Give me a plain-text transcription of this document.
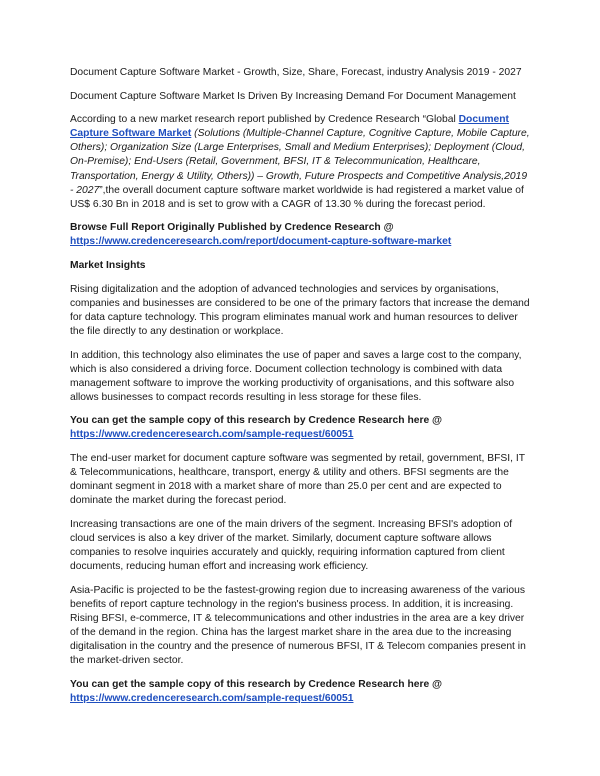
Document Capture Software Market - Growth, Size, Share, Forecast, industry Analysis 2019 - 2027

Document Capture Software Market Is Driven By Increasing Demand For Document Management

According to a new market research report published by Credence Research “Global Document Capture Software Market (Solutions (Multiple-Channel Capture, Cognitive Capture, Mobile Capture, Others); Organization Size (Large Enterprises, Small and Medium Enterprises); Deployment (Cloud, On-Premise); End-Users (Retail, Government, BFSI, IT & Telecommunication, Healthcare, Transportation, Energy & Utility, Others)) – Growth, Future Prospects and Competitive Analysis,2019 - 2027”,the overall document capture software market worldwide is had registered a market value of US$ 6.30 Bn in 2018 and is set to grow with a CAGR of 13.30 % during the forecast period.

Browse Full Report Originally Published by Credence Research @
https://www.credenceresearch.com/report/document-capture-software-market

Market Insights

Rising digitalization and the adoption of advanced technologies and services by organisations, companies and businesses are considered to be one of the primary factors that increase the demand for data capture technology. This program eliminates manual work and human resources to deliver the file directly to any destination or workplace.

In addition, this technology also eliminates the use of paper and saves a large cost to the company, which is also considered a driving force. Document collection technology is combined with data management software to improve the working productivity of organisations, and this software also allows businesses to compact records resulting in less storage for these files.

You can get the sample copy of this research by Credence Research here @
https://www.credenceresearch.com/sample-request/60051

The end-user market for document capture software was segmented by retail, government, BFSI, IT & Telecommunications, healthcare, transport, energy & utility and others. BFSI segments are the dominant segment in 2018 with a market share of more than 25.0 per cent and are expected to dominate the market during the forecast period.

Increasing transactions are one of the main drivers of the segment. Increasing BFSI's adoption of cloud services is also a key driver of the market. Similarly, document capture software allows companies to resolve inquiries accurately and quickly, requiring information captured from client documents, reducing human effort and increasing work efficiency.

Asia-Pacific is projected to be the fastest-growing region due to increasing awareness of the various benefits of report capture technology in the region's business process. In addition, it is increasing. Rising BFSI, e-commerce, IT & telecommunications and other industries in the area are a key driver of the demand in the region. China has the largest market share in the area due to the increasing digitalisation in the country and the presence of numerous BFSI, IT & Telecom companies present in the market-driven sector.

You can get the sample copy of this research by Credence Research here @
https://www.credenceresearch.com/sample-request/60051
